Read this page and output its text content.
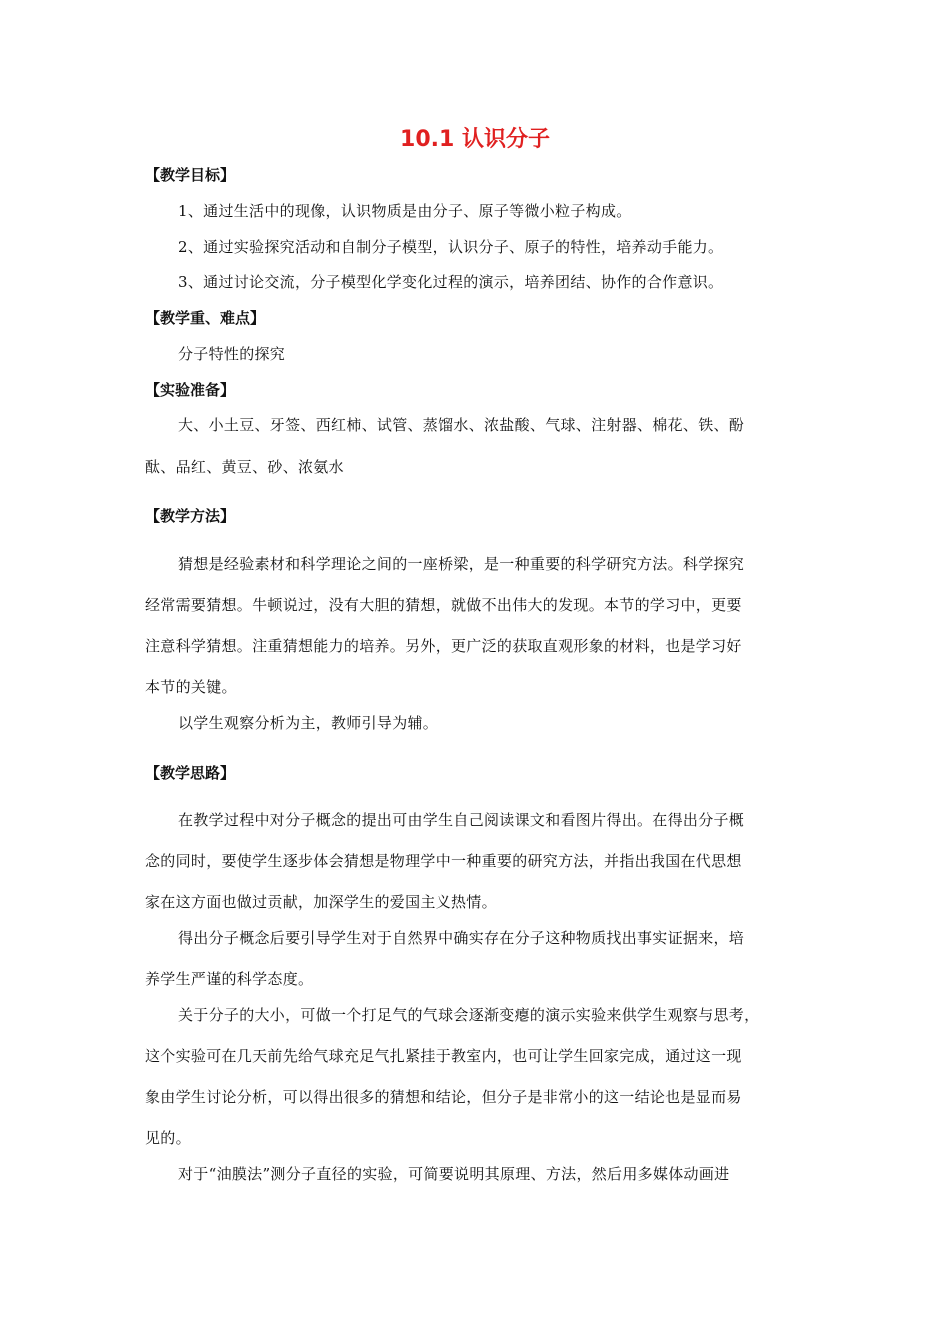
10.1 认识分子
【教学目标】
1、通过生活中的现像，认识物质是由分子、原子等微小粒子构成。
2、通过实验探究活动和自制分子模型，认识分子、原子的特性，培养动手能力。
3、通过讨论交流，分子模型化学变化过程的演示，培养团结、协作的合作意识。
【教学重、难点】
分子特性的探究
【实验准备】
大、小土豆、牙签、西红柿、试管、蒸馏水、浓盐酸、气球、注射器、棉花、铁、酚
酞、品红、黄豆、砂、浓氨水
【教学方法】
猜想是经验素材和科学理论之间的一座桥梁，是一种重要的科学研究方法。科学探究
经常需要猜想。牛顿说过，没有大胆的猜想，就做不出伟大的发现。本节的学习中，更要
注意科学猜想。注重猜想能力的培养。另外，更广泛的获取直观形象的材料，也是学习好
本节的关键。
以学生观察分析为主，教师引导为辅。
【教学思路】
在教学过程中对分子概念的提出可由学生自己阅读课文和看图片得出。在得出分子概
念的同时，要使学生逐步体会猜想是物理学中一种重要的研究方法，并指出我国在代思想
家在这方面也做过贡献，加深学生的爱国主义热情。
得出分子概念后要引导学生对于自然界中确实存在分子这种物质找出事实证据来，培
养学生严谨的科学态度。
关于分子的大小，可做一个打足气的气球会逐渐变瘪的演示实验来供学生观察与思考，
这个实验可在几天前先给气球充足气扎紧挂于教室内，也可让学生回家完成，通过这一现
象由学生讨论分析，可以得出很多的猜想和结论，但分子是非常小的这一结论也是显而易
见的。
对于“油膜法”测分子直径的实验，可简要说明其原理、方法，然后用多媒体动画进
